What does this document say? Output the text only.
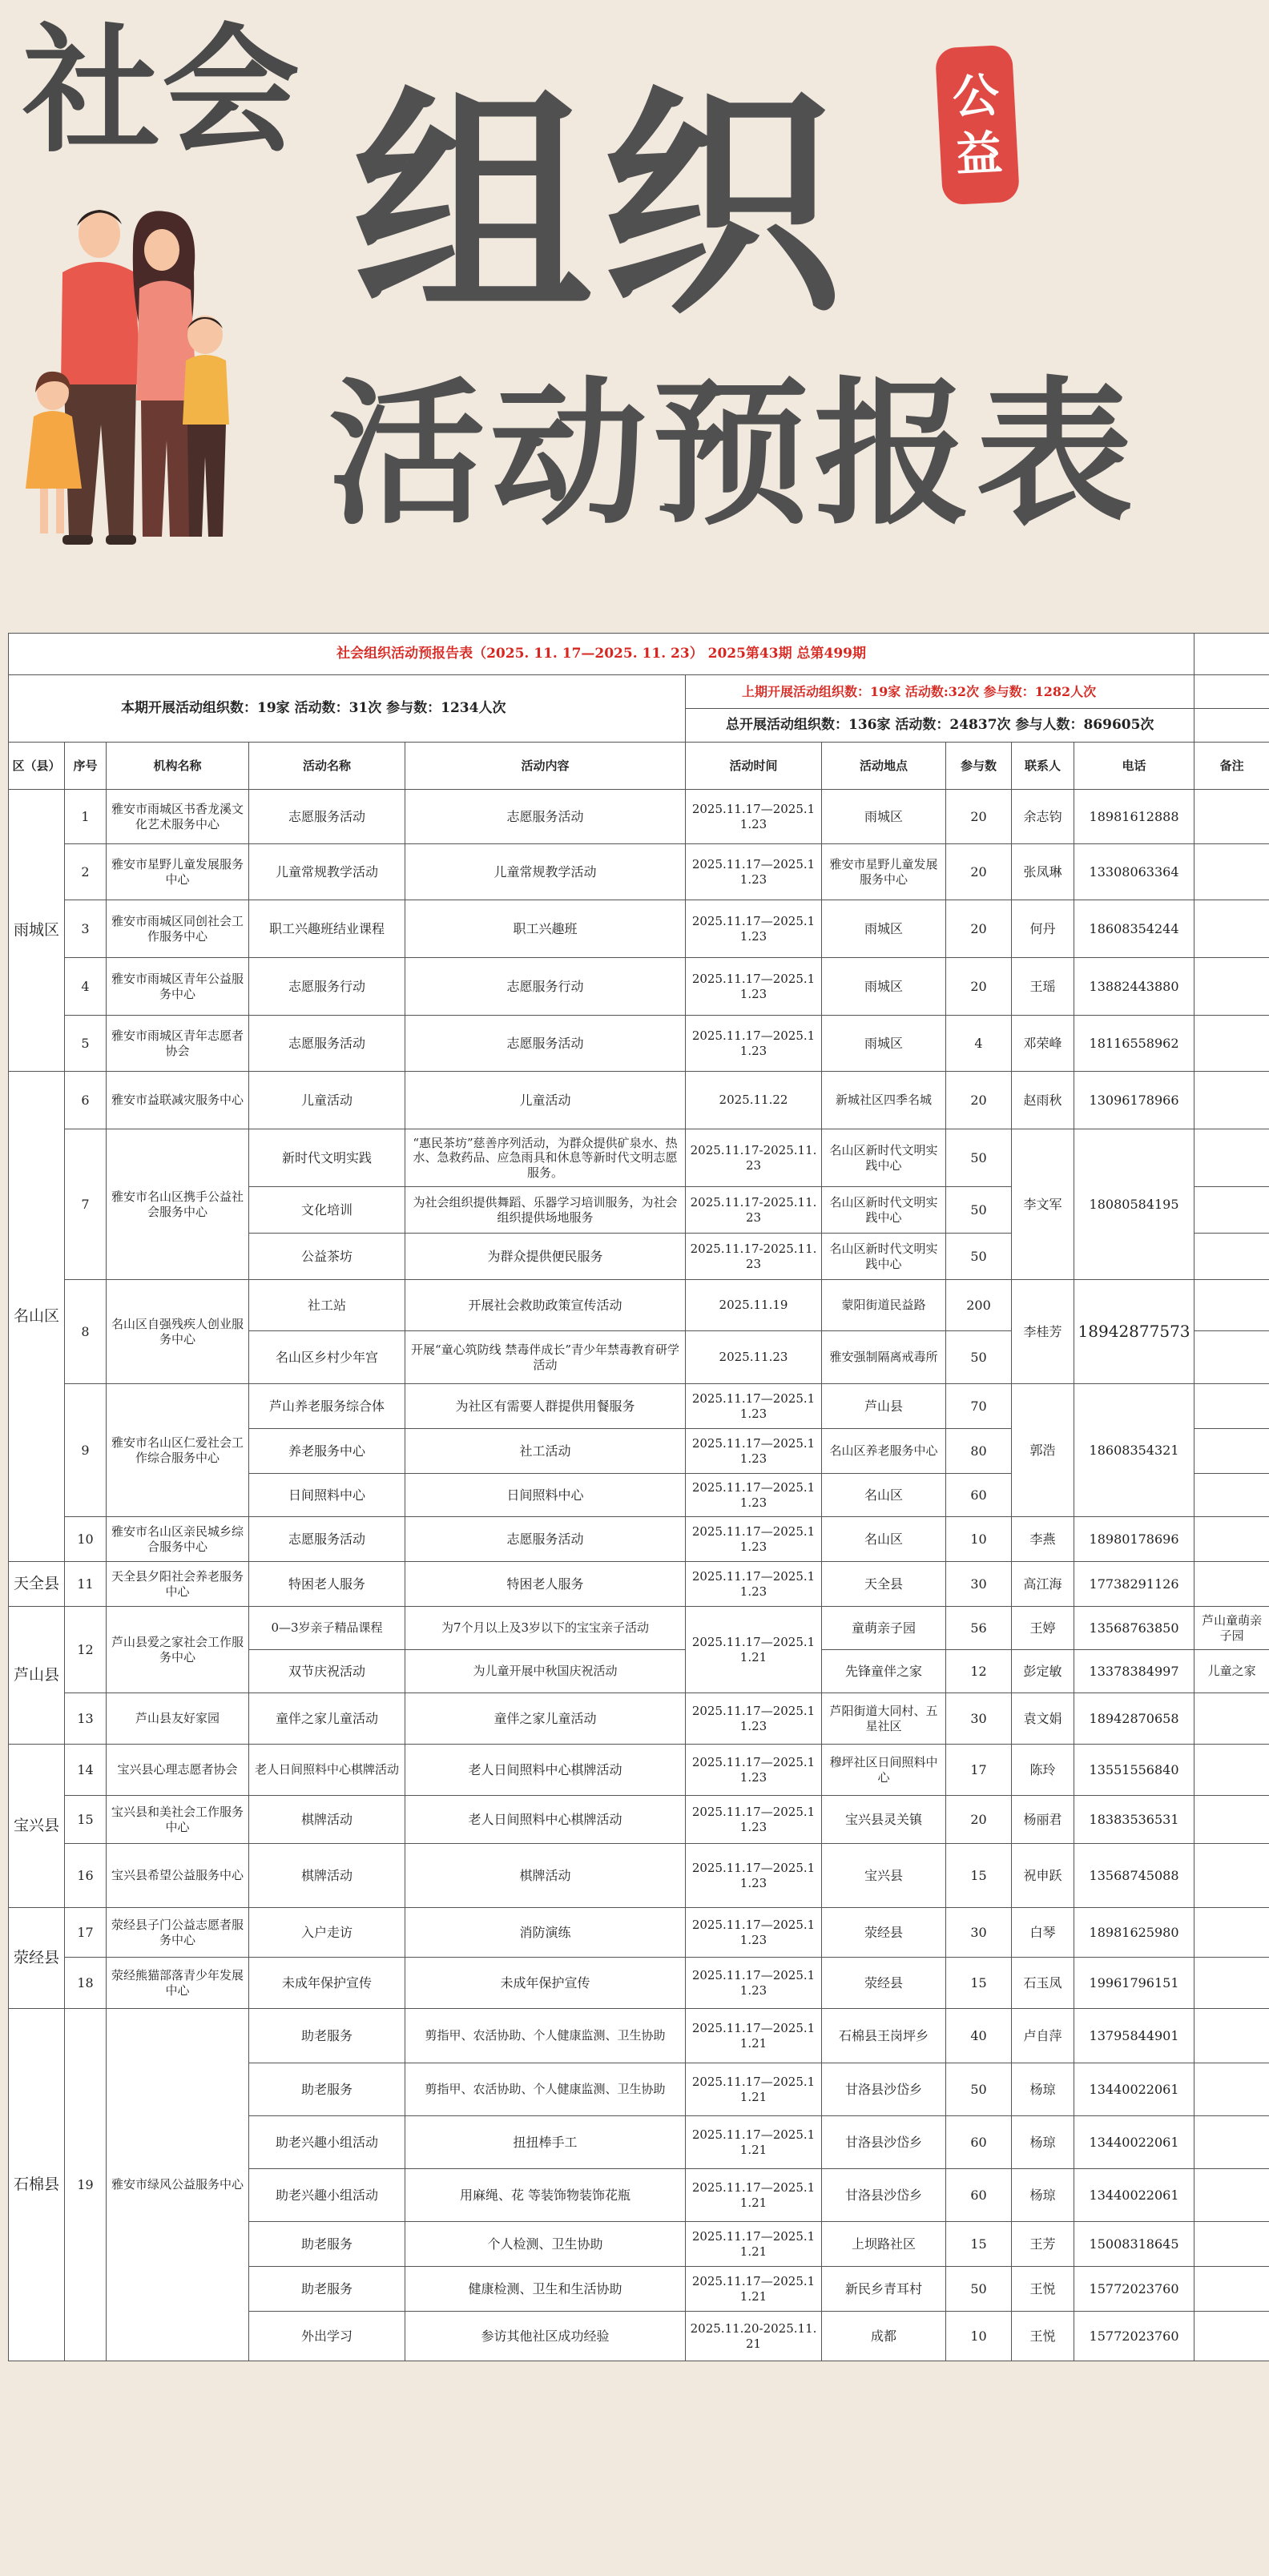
社会 组织 公
益
活动预报表
社会组织活动预报告表（2025. 11. 17—2025. 11. 23） 2025第43期 总第499期										
本期开展活动组织数：19家 活动数：31次 参与数：1234人次					上期开展活动组织数：19家 活动数:32次 参与数：1282人次					
					总开展活动组织数：136家 活动数：24837次 参与人数：869605次					
区（县）	序号	机构名称	活动名称	活动内容	活动时间	活动地点	参与数	联系人	电话	备注
雨城区	1	雅安市雨城区书香龙溪文化艺术服务中心	志愿服务活动	志愿服务活动	2025.11.17—2025.11.23	雨城区	20	余志钧	18981612888	
	2	雅安市星野儿童发展服务中心	儿童常规教学活动	儿童常规教学活动	2025.11.17—2025.11.23	雅安市星野儿童发展服务中心	20	张凤琳	13308063364	
	3	雅安市雨城区同创社会工作服务中心	职工兴趣班结业课程	职工兴趣班	2025.11.17—2025.11.23	雨城区	20	何丹	18608354244	
	4	雅安市雨城区青年公益服务中心	志愿服务行动	志愿服务行动	2025.11.17—2025.11.23	雨城区	20	王瑶	13882443880	
	5	雅安市雨城区青年志愿者协会	志愿服务活动	志愿服务活动	2025.11.17—2025.11.23	雨城区	4	邓荣峰	18116558962	
名山区	6	雅安市益联减灾服务中心	儿童活动	儿童活动	2025.11.22	新城社区四季名城	20	赵雨秋	13096178966	
	7	雅安市名山区携手公益社会服务中心	新时代文明实践	“惠民茶坊”慈善序列活动，为群众提供矿泉水、热水、急救药品、应急雨具和休息等新时代文明志愿服务。	2025.11.17-2025.11.23	名山区新时代文明实践中心	50	李文军	18080584195	
			文化培训	为社会组织提供舞蹈、乐器学习培训服务，为社会组织提供场地服务	2025.11.17-2025.11.23	名山区新时代文明实践中心	50			
			公益茶坊	为群众提供便民服务	2025.11.17-2025.11.23	名山区新时代文明实践中心	50			
	8	名山区自强残疾人创业服务中心	社工站	开展社会救助政策宣传活动	2025.11.19	蒙阳街道民益路	200	李桂芳	18942877573	
			名山区乡村少年宫	开展“童心筑防线 禁毒伴成长”青少年禁毒教育研学活动	2025.11.23	雅安强制隔离戒毒所	50			
	9	雅安市名山区仁爱社会工作综合服务中心	芦山养老服务综合体	为社区有需要人群提供用餐服务	2025.11.17—2025.11.23	芦山县	70	郭浩	18608354321	
			养老服务中心	社工活动	2025.11.17—2025.11.23	名山区养老服务中心	80			
			日间照料中心	日间照料中心	2025.11.17—2025.11.23	名山区	60			
	10	雅安市名山区亲民城乡综合服务中心	志愿服务活动	志愿服务活动	2025.11.17—2025.11.23	名山区	10	李燕	18980178696	
天全县	11	天全县夕阳社会养老服务中心	特困老人服务	特困老人服务	2025.11.17—2025.11.23	天全县	30	高江海	17738291126	
芦山县	12	芦山县爱之家社会工作服务中心	0—3岁亲子精品课程	为7个月以上及3岁以下的宝宝亲子活动	2025.11.17—2025.11.21	童萌亲子园	56	王婷	13568763850	芦山童萌亲子园
			双节庆祝活动	为儿童开展中秋国庆祝活动		先锋童伴之家	12	彭定敏	13378384997	儿童之家
	13	芦山县友好家园	童伴之家儿童活动	童伴之家儿童活动	2025.11.17—2025.11.23	芦阳街道大同村、五星社区	30	袁文娟	18942870658	
宝兴县	14	宝兴县心理志愿者协会	老人日间照料中心棋牌活动	老人日间照料中心棋牌活动	2025.11.17—2025.11.23	穆坪社区日间照料中心	17	陈玲	13551556840	
	15	宝兴县和美社会工作服务中心	棋牌活动	老人日间照料中心棋牌活动	2025.11.17—2025.11.23	宝兴县灵关镇	20	杨丽君	18383536531	
	16	宝兴县希望公益服务中心	棋牌活动	棋牌活动	2025.11.17—2025.11.23	宝兴县	15	祝申跃	13568745088	
荥经县	17	荥经县子门公益志愿者服务中心	入户走访	消防演练	2025.11.17—2025.11.23	荥经县	30	白琴	18981625980	
	18	荥经熊猫部落青少年发展中心	未成年保护宣传	未成年保护宣传	2025.11.17—2025.11.23	荥经县	15	石玉凤	19961796151	
石棉县	19	雅安市绿风公益服务中心	助老服务	剪指甲、农活协助、个人健康监测、卫生协助	2025.11.17—2025.11.21	石棉县王岗坪乡	40	卢自萍	13795844901	
			助老服务	剪指甲、农活协助、个人健康监测、卫生协助	2025.11.17—2025.11.21	甘洛县沙岱乡	50	杨琼	13440022061	
			助老兴趣小组活动	扭扭棒手工	2025.11.17—2025.11.21	甘洛县沙岱乡	60	杨琼	13440022061	
			助老兴趣小组活动	用麻绳、花 等装饰物装饰花瓶	2025.11.17—2025.11.21	甘洛县沙岱乡	60	杨琼	13440022061	
			助老服务	个人检测、卫生协助	2025.11.17—2025.11.21	上坝路社区	15	王芳	15008318645	
			助老服务	健康检测、卫生和生活协助	2025.11.17—2025.11.21	新民乡青耳村	50	王悦	15772023760	
			外出学习	参访其他社区成功经验	2025.11.20-2025.11.21	成都	10	王悦	15772023760	
